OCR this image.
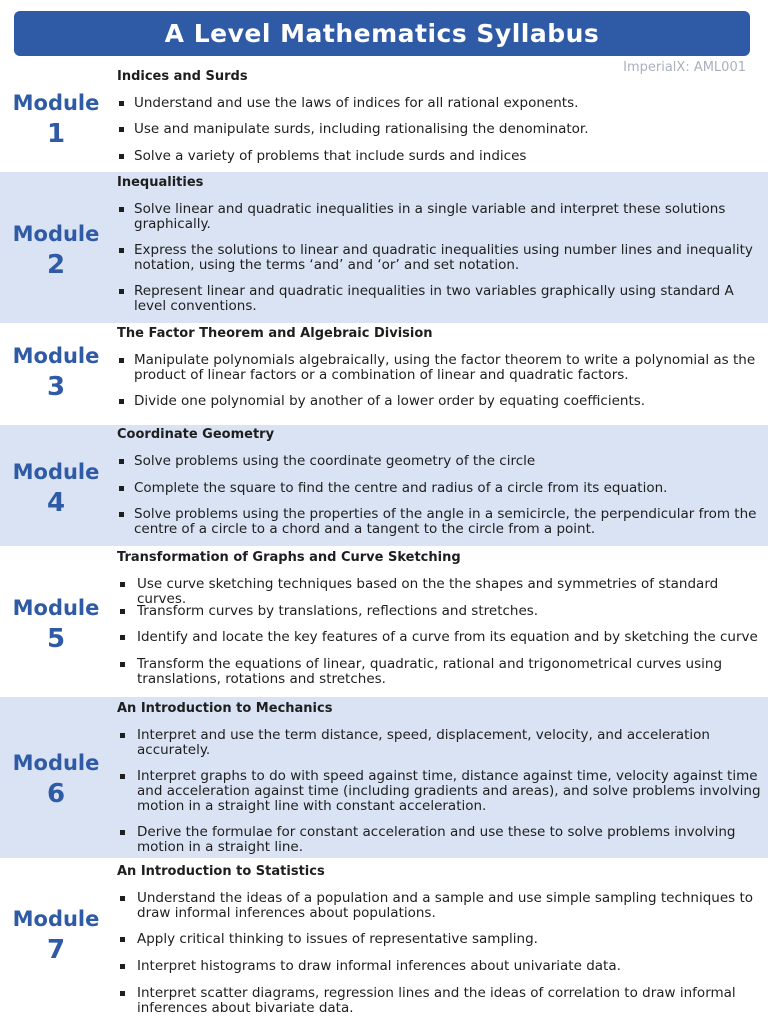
A Level Mathematics Syllabus
ImperialX: AML001
Module
1
Indices and Surds
Understand and use the laws of indices for all rational exponents.
Use and manipulate surds, including rationalising the denominator.
Solve a variety of problems that include surds and indices
Module
2
Inequalities
Solve linear and quadratic inequalities in a single variable and interpret these solutions graphically.
Express the solutions to linear and quadratic inequalities using number lines and inequality notation, using the terms ‘and’ and ‘or’ and set notation.
Represent linear and quadratic inequalities in two variables graphically using standard A level conventions.
Module
3
The Factor Theorem and Algebraic Division
Manipulate polynomials algebraically, using the factor theorem to write a polynomial as the product of linear factors or a combination of linear and quadratic factors.
Divide one polynomial by another of a lower order by equating coefficients.
Module
4
Coordinate Geometry
Solve problems using the coordinate geometry of the circle
Complete the square to find the centre and radius of a circle from its equation.
Solve problems using the properties of the angle in a semicircle, the perpendicular from the centre of a circle to a chord and a tangent to the circle from a point.
Module
5
Transformation of Graphs and Curve Sketching
Use curve sketching techniques based on the the shapes and symmetries of standard curves.
Transform curves by translations, reflections and stretches.
Identify and locate the key features of a curve from its equation and by sketching the curve
Transform the equations of linear, quadratic, rational and trigonometrical curves using translations, rotations and stretches.
Module
6
An Introduction to Mechanics
Interpret and use the term distance, speed, displacement, velocity, and acceleration accurately.
Interpret graphs to do with speed against time, distance against time, velocity against time and acceleration against time (including gradients and areas), and solve problems involving motion in a straight line with constant acceleration.
Derive the formulae for constant acceleration and use these to solve problems involving motion in a straight line.
Module
7
An Introduction to Statistics
Understand the ideas of a population and a sample and use simple sampling techniques to draw informal inferences about populations.
Apply critical thinking to issues of representative sampling.
Interpret histograms to draw informal inferences about univariate data.
Interpret scatter diagrams, regression lines and the ideas of correlation to draw informal inferences about bivariate data.
